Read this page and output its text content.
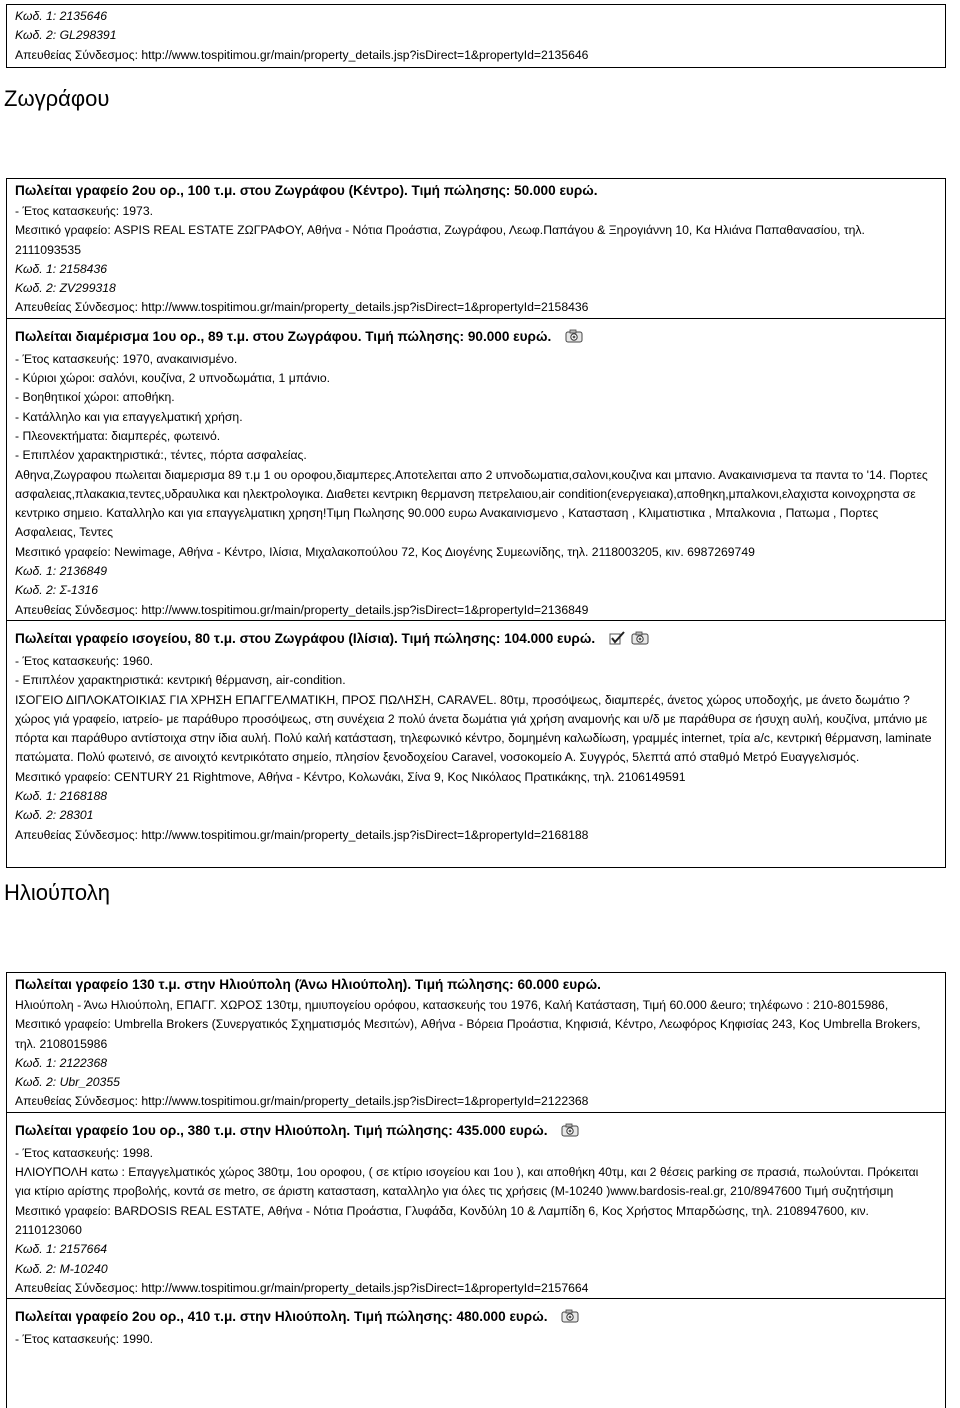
Κωδ. 1: 2135646
Κωδ. 2: GL298391
Απευθείας Σύνδεσμος: http://www.tospitimou.gr/main/property_details.jsp?isDirect=1&propertyId=2135646
Ζωγράφου
Πωλείται γραφείο 2ου ορ., 100 τ.μ. στου Ζωγράφου (Κέντρο). Τιμή πώλησης: 50.000 ευρώ.
- Έτος κατασκευής: 1973.
Μεσιτικό γραφείο: ASPIS REAL ESTATE ΖΩΓΡΑΦΟΥ, Αθήνα - Νότια Προάστια, Ζωγράφου, Λεωφ.Παπάγου & Ξηρογιάννη 10, Κα Ηλιάνα Παπαθανασίου, τηλ.
2111093535
Κωδ. 1: 2158436
Κωδ. 2: ZV299318
Απευθείας Σύνδεσμος: http://www.tospitimou.gr/main/property_details.jsp?isDirect=1&propertyId=2158436
Πωλείται διαμέρισμα 1ου ορ., 89 τ.μ. στου Ζωγράφου. Τιμή πώλησης: 90.000 ευρώ.
- Έτος κατασκευής: 1970, ανακαινισμένο.
- Κύριοι χώροι: σαλόνι, κουζίνα, 2 υπνοδωμάτια, 1 μπάνιο.
- Βοηθητικοί χώροι: αποθήκη.
- Κατάλληλο και για επαγγελματική χρήση.
- Πλεονεκτήματα: διαμπερές, φωτεινό.
- Επιπλέον χαρακτηριστικά:, τέντες, πόρτα ασφαλείας.
Αθηνα,Ζωγραφου πωλειται διαμερισμα 89 τ.μ 1 ου οροφου,διαμπερες.Αποτελειται απο 2 υπνοδωματια,σαλονι,κουζινα και μπανιο. Ανακαινισμενα τα παντα το '14. Πορτες ασφαλειας,πλακακια,τεντες,υδραυλικα και ηλεκτρολογικα. Διαθετει κεντρικη θερμανση πετρελαιου,air condition(ενεργειακα),αποθηκη,μπαλκονι,ελαχιστα κοινοχρηστα σε κεντρικο σημειο. Καταλληλο και για επαγγελματικη χρηση!Τιμη Πωλησης 90.000 ευρω Ανακαινισμενο , Κατασταση , Κλιματιστικα , Μπαλκονια , Πατωμα , Πορτες Ασφαλειας, Τεντες
Μεσιτικό γραφείο: Newimage, Αθήνα - Κέντρο, Ιλίσια, Μιχαλακοπούλου 72, Κος Διογένης Συμεωνίδης, τηλ. 2118003205, κιν. 6987269749
Κωδ. 1: 2136849
Κωδ. 2: Σ-1316
Απευθείας Σύνδεσμος: http://www.tospitimou.gr/main/property_details.jsp?isDirect=1&propertyId=2136849
Πωλείται γραφείο ισογείου, 80 τ.μ. στου Ζωγράφου (Ιλίσια). Τιμή πώλησης: 104.000 ευρώ.
- Έτος κατασκευής: 1960.
- Επιπλέον χαρακτηριστικά: κεντρική θέρμανση, air-condition.
ΙΣΟΓΕΙΟ ΔΙΠΛΟΚΑΤΟΙΚΙΑΣ ΓΙΑ ΧΡΗΣΗ ΕΠΑΓΓΕΛΜΑΤΙΚΗ, ΠΡΟΣ ΠΩΛΗΣΗ, CARAVEL. 80τμ, προσόψεως, διαμπερές, άνετος χώρος υποδοχής, με άνετο δωμάτιο ?χώρος γιά γραφείο, ιατρείο- με παράθυρο προσόψεως, στη συνέχεια 2 πολύ άνετα δωμάτια γιά χρήση αναμονής και υ/δ με παράθυρα σε ήσυχη αυλή, κουζίνα, μπάνιο με πόρτα και παράθυρο αντίστοιχα στην ίδια αυλή. Πολύ καλή κατάσταση, τηλεφωνικό κέντρο, δομημένη καλωδίωση, γραμμές internet, τρία a/c, κεντρική θέρμανση, laminate πατώματα. Πολύ φωτεινό, σε αινοιχτό κεντρικότατο σημείο, πλησίον ξενοδοχείου Caravel, νοσοκομείο Α. Συγγρός, 5λεπτά από σταθμό Μετρό Ευαγγελισμός.
Μεσιτικό γραφείο: CENTURY 21 Rightmove, Αθήνα - Κέντρο, Κολωνάκι, Σίνα 9, Κος Νικόλαος Πρατικάκης, τηλ. 2106149591
Κωδ. 1: 2168188
Κωδ. 2: 28301
Απευθείας Σύνδεσμος: http://www.tospitimou.gr/main/property_details.jsp?isDirect=1&propertyId=2168188
Ηλιούπολη
Πωλείται γραφείο 130 τ.μ. στην Ηλιούπολη (Άνω Ηλιούπολη). Τιμή πώλησης: 60.000 ευρώ.
Ηλιούπολη - Άνω Ηλιούπολη, ΕΠΑΓΓ. ΧΩΡΟΣ 130τμ, ημιυπογείου ορόφου, κατασκευής του 1976, Καλή Κατάσταση, Τιμή 60.000 &euro; τηλέφωνο : 210-8015986,
Μεσιτικό γραφείο: Umbrella Brokers (Συνεργατικός Σχηματισμός Μεσιτών), Αθήνα - Βόρεια Προάστια, Κηφισιά, Κέντρο, Λεωφόρος Κηφισίας 243, Κος Umbrella Brokers, τηλ. 2108015986
Κωδ. 1: 2122368
Κωδ. 2: Ubr_20355
Απευθείας Σύνδεσμος: http://www.tospitimou.gr/main/property_details.jsp?isDirect=1&propertyId=2122368
Πωλείται γραφείο 1ου ορ., 380 τ.μ. στην Ηλιούπολη. Τιμή πώλησης: 435.000 ευρώ.
- Έτος κατασκευής: 1998.
ΗΛΙΟΥΠΟΛΗ κατω : Επαγγελματικός χώρος 380τμ, 1ου οροφου, ( σε κτίριο ισογείου και 1ου ), και αποθήκη 40τμ, και 2 θέσεις parking σε πρασιά, πωλούνται. Πρόκειται για κτίριο αρίστης προβολής, κοντά σε metro, σε άριστη κατασταση, καταλληλο για όλες τις χρήσεις (Μ-10240 )www.bardosis-real.gr, 210/8947600 Τιμή συζητήσιμη
Μεσιτικό γραφείο: BARDOSIS REAL ESTATE, Αθήνα - Νότια Προάστια, Γλυφάδα, Κονδύλη 10 & Λαμπίδη 6, Κος Χρήστος Μπαρδώσης, τηλ. 2108947600, κιν. 2110123060
Κωδ. 1: 2157664
Κωδ. 2: M-10240
Απευθείας Σύνδεσμος: http://www.tospitimou.gr/main/property_details.jsp?isDirect=1&propertyId=2157664
Πωλείται γραφείο 2ου ορ., 410 τ.μ. στην Ηλιούπολη. Τιμή πώλησης: 480.000 ευρώ.
- Έτος κατασκευής: 1990.
